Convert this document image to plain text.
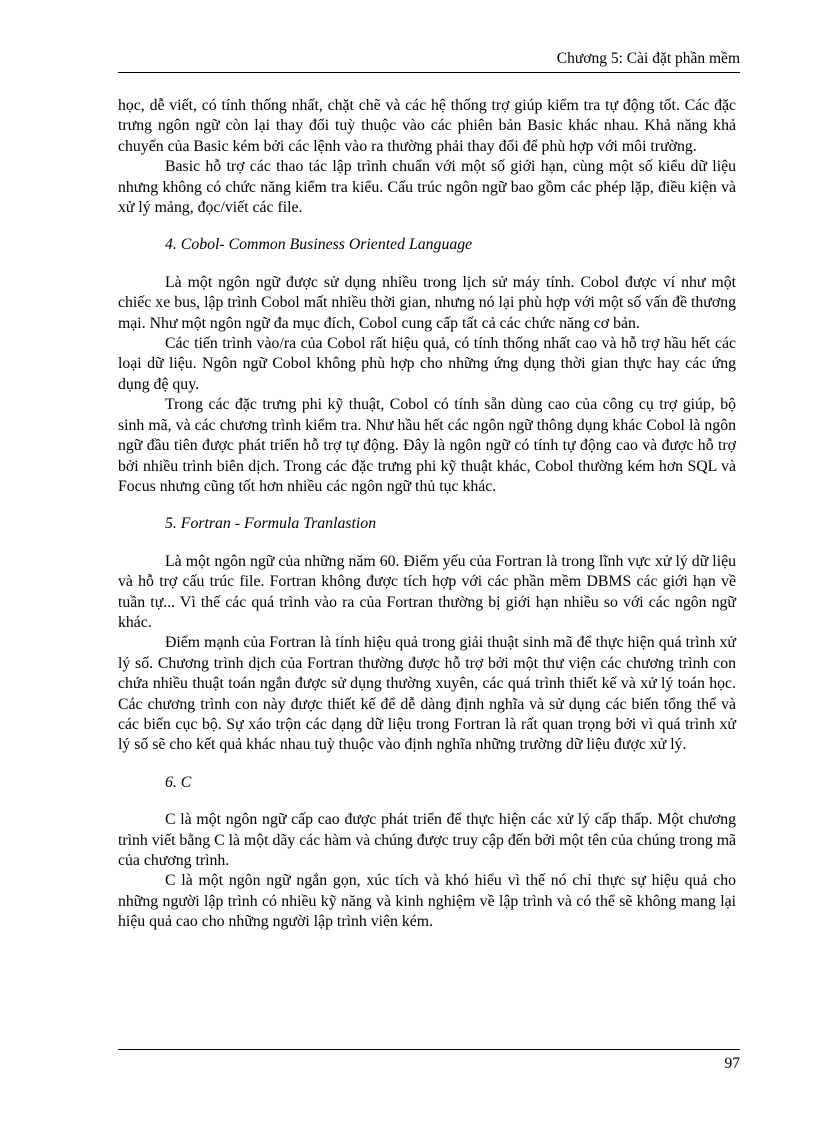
Chương 5: Cài đặt phần mềm

học, dễ viết, có tính thống nhất, chặt chẽ và các hệ thống trợ giúp kiểm tra tự động tốt. Các đặc trưng ngôn ngữ còn lại thay đổi tuỳ thuộc vào các phiên bản Basic khác nhau. Khả năng khả chuyển của Basic kém bởi các lệnh vào ra thường phải thay đổi để phù hợp với môi trường.

Basic hỗ trợ các thao tác lập trình chuẩn với một số giới hạn, cùng một số kiểu dữ liệu nhưng không có chức năng kiểm tra kiểu. Cấu trúc ngôn ngữ bao gồm các phép lặp, điều kiện và xử lý mảng, đọc/viết các file.

4. Cobol- Common Business Oriented Language

Là một ngôn ngữ được sử dụng nhiều trong lịch sử máy tính. Cobol được ví như một chiếc xe bus, lập trình Cobol mất nhiều thời gian, nhưng nó lại phù hợp với một số vấn đề thương mại. Như một ngôn ngữ đa mục đích, Cobol cung cấp tất cả các chức năng cơ bản.

Các tiến trình vào/ra của Cobol rất hiệu quả, có tính thống nhất cao và hỗ trợ hầu hết các loại dữ liệu. Ngôn ngữ Cobol không phù hợp cho những ứng dụng thời gian thực hay các ứng dụng đệ quy.

Trong các đặc trưng phi kỹ thuật, Cobol có tính sẵn dùng cao của công cụ trợ giúp, bộ sinh mã, và các chương trình kiểm tra. Như hầu hết các ngôn ngữ thông dụng khác Cobol là ngôn ngữ đầu tiên được phát triển hỗ trợ tự động. Đây là ngôn ngữ có tính tự động cao và được hỗ trợ bởi nhiều trình biên dịch. Trong các đặc trưng phi kỹ thuật khác, Cobol thường kém hơn SQL và Focus nhưng cũng tốt hơn nhiều các ngôn ngữ thủ tục khác.

5. Fortran - Formula Tranlastion

Là một ngôn ngữ của những năm 60. Điểm yếu của Fortran là trong lĩnh vực xử lý dữ liệu và hỗ trợ cấu trúc file. Fortran không được tích hợp với các phần mềm DBMS các giới hạn về tuần tự... Vì thế các quá trình vào ra của Fortran thường bị giới hạn nhiều so với các ngôn ngữ khác.

Điểm mạnh của Fortran là tính hiệu quả trong giải thuật sinh mã để thực hiện quá trình xử lý số. Chương trình dịch của Fortran thường được hỗ trợ bởi một thư viện các chương trình con chứa nhiều thuật toán ngắn được sử dụng thường xuyên, các quá trình thiết kế và xử lý toán học. Các chương trình con này được thiết kế để dễ dàng định nghĩa và sử dụng các biến tổng thể và các biến cục bộ. Sự xáo trộn các dạng dữ liệu trong Fortran là rất quan trọng bởi vì quá trình xử lý số sẽ cho kết quả khác nhau tuỳ thuộc vào định nghĩa những trường dữ liệu được xử lý.

6. C

C là một ngôn ngữ cấp cao được phát triển để thực hiện các xử lý cấp thấp. Một chương trình viết bằng C là một dãy các hàm và chúng được truy cập đến bởi một tên của chúng trong mã của chương trình.

C là một ngôn ngữ ngắn gọn, xúc tích và khó hiểu vì thế nó chỉ thực sự hiệu quả cho những người lập trình có nhiều kỹ năng và kinh nghiệm về lập trình và có thể sẽ không mang lại hiệu quả cao cho những người lập trình viên kém.

97
